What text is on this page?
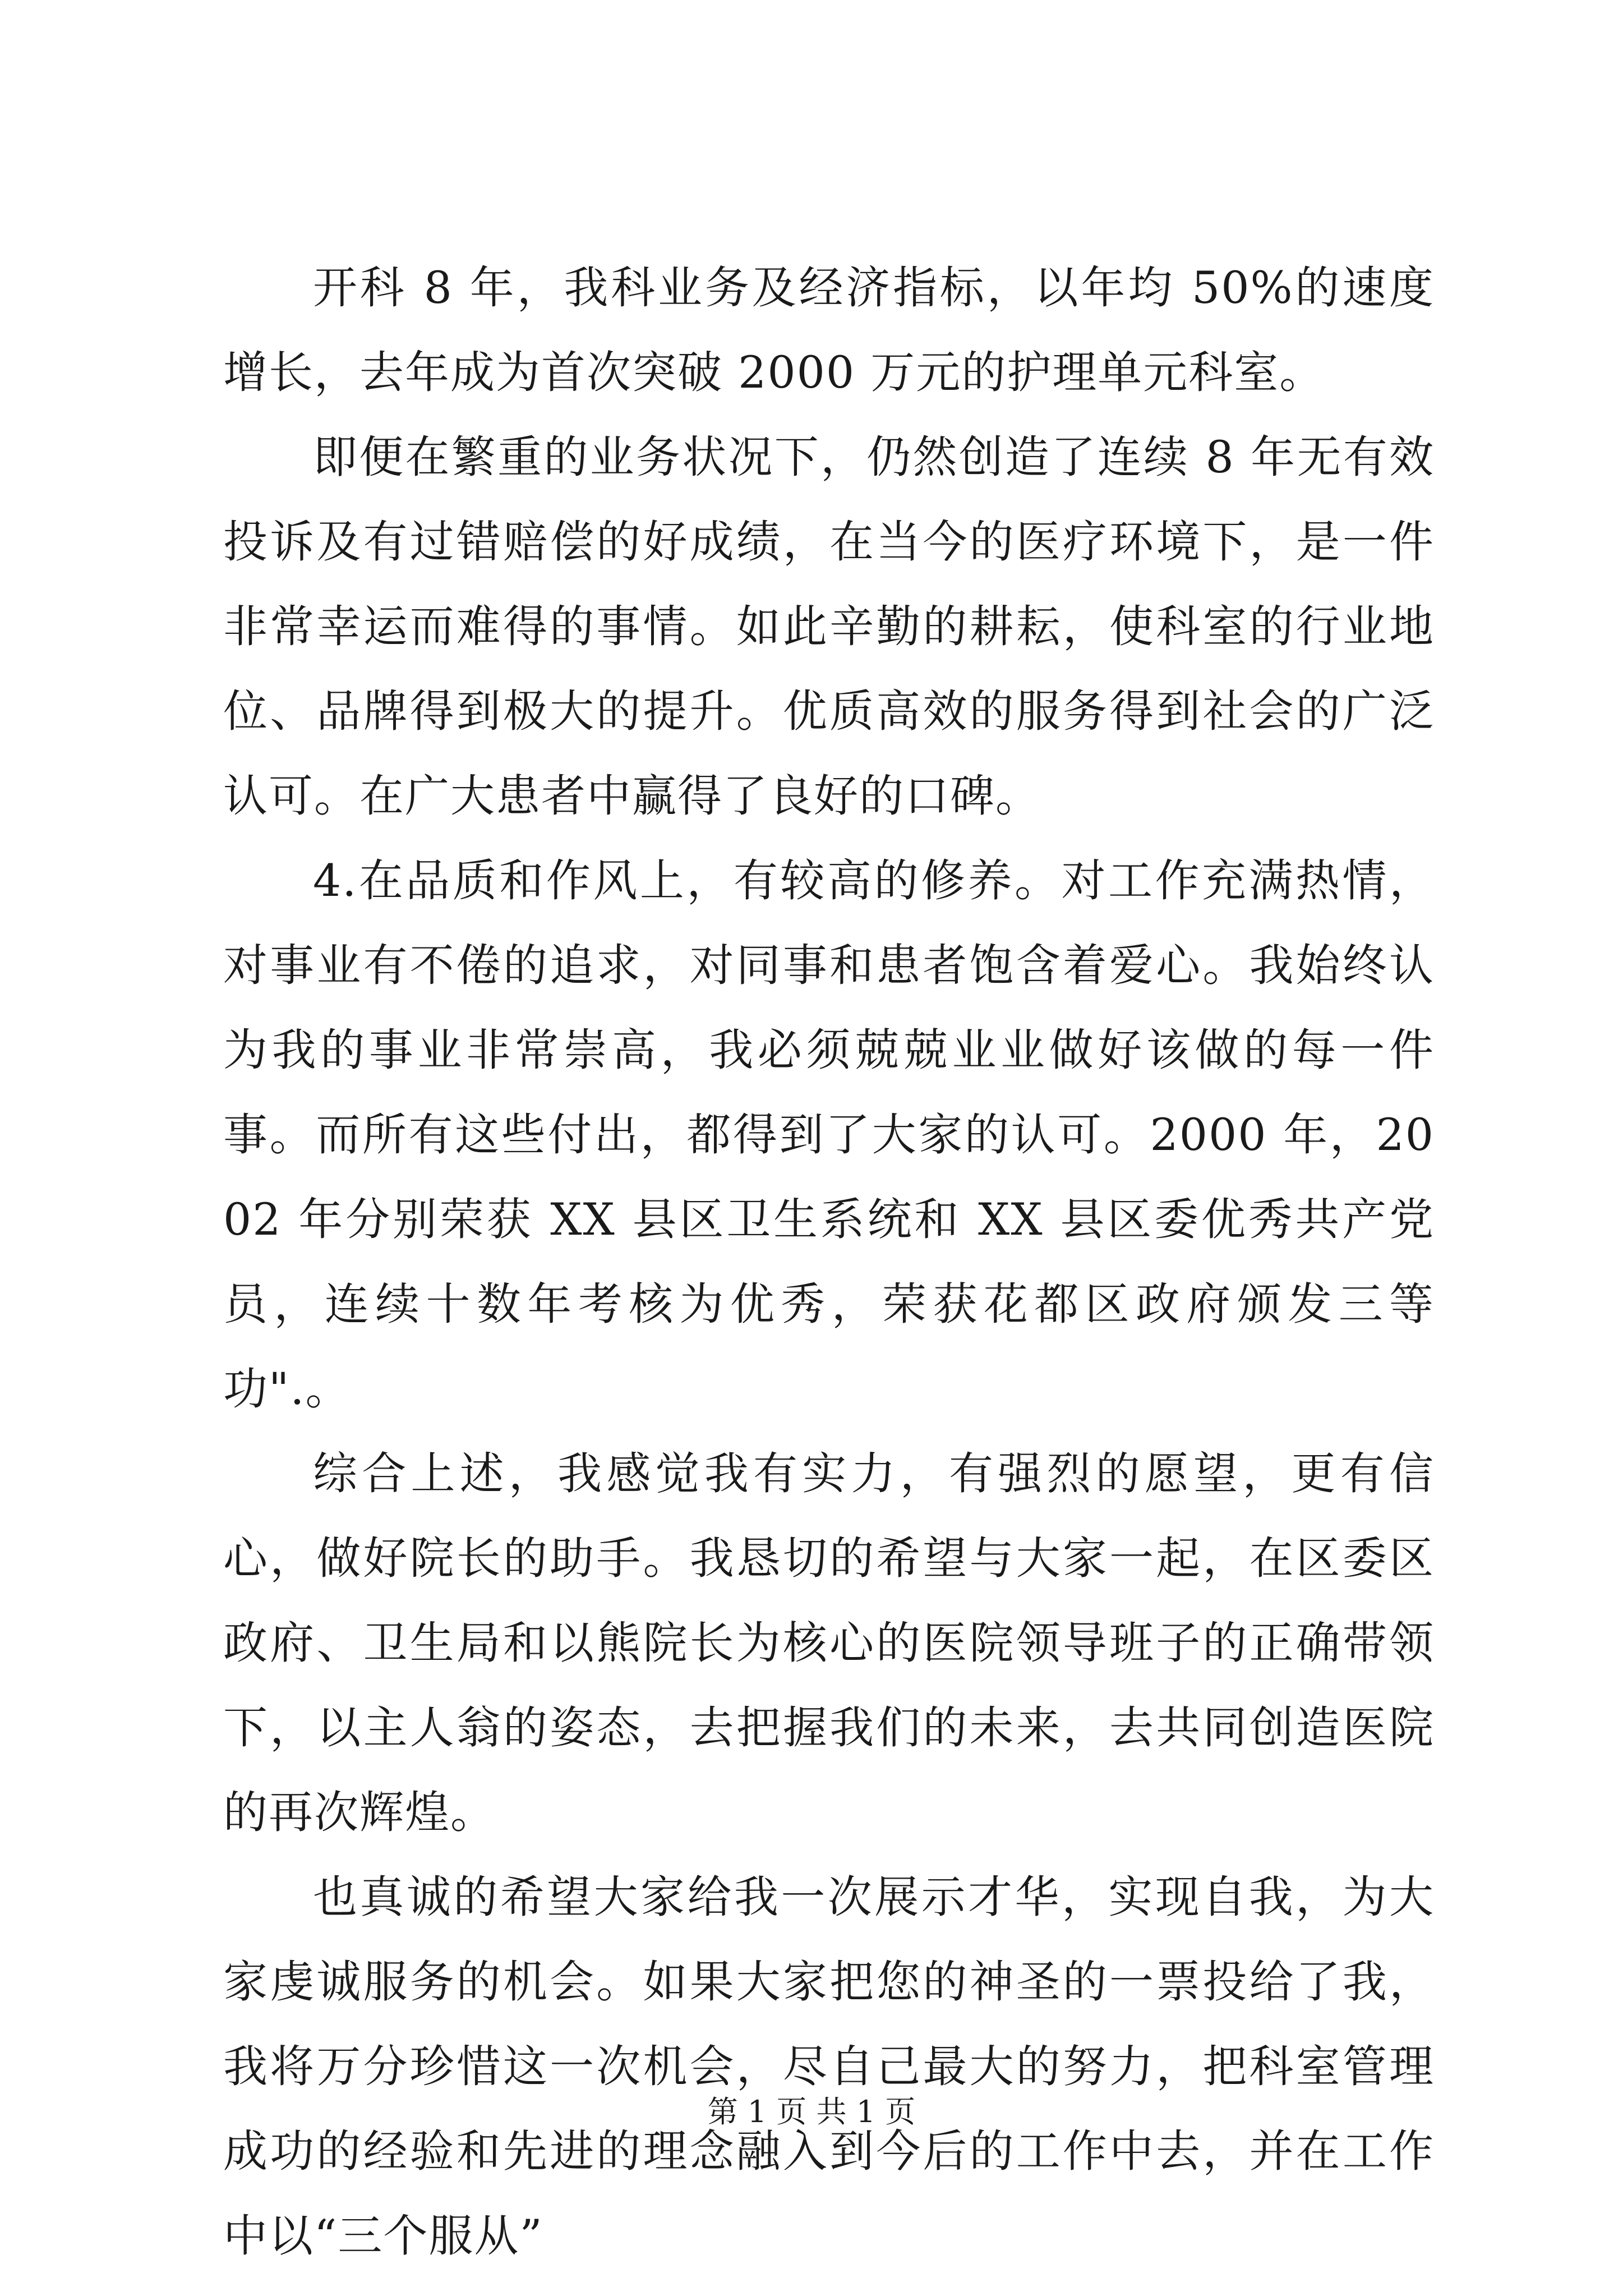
开科 8 年，我科业务及经济指标，以年均 50%的速度增长，去年成为首次突破 2000 万元的护理单元科室。

即便在繁重的业务状况下，仍然创造了连续 8 年无有效投诉及有过错赔偿的好成绩，在当今的医疗环境下，是一件非常幸运而难得的事情。如此辛勤的耕耘，使科室的行业地位、品牌得到极大的提升。优质高效的服务得到社会的广泛认可。在广大患者中赢得了良好的口碑。

4.在品质和作风上，有较高的修养。对工作充满热情，对事业有不倦的追求，对同事和患者饱含着爱心。我始终认为我的事业非常崇高，我必须兢兢业业做好该做的每一件事。而所有这些付出，都得到了大家的认可。2000 年，2002 年分别荣获 XX 县区卫生系统和 XX 县区委优秀共产党员，连续十数年考核为优秀，荣获花都区政府颁发三等功".。

综合上述，我感觉我有实力，有强烈的愿望，更有信心，做好院长的助手。我恳切的希望与大家一起，在区委区政府、卫生局和以熊院长为核心的医院领导班子的正确带领下，以主人翁的姿态，去把握我们的未来，去共同创造医院的再次辉煌。

也真诚的希望大家给我一次展示才华，实现自我，为大家虔诚服务的机会。如果大家把您的神圣的一票投给了我，我将万分珍惜这一次机会，尽自己最大的努力，把科室管理成功的经验和先进的理念融入到今后的工作中去，并在工作中以“三个服从”

第 1 页 共 1 页
